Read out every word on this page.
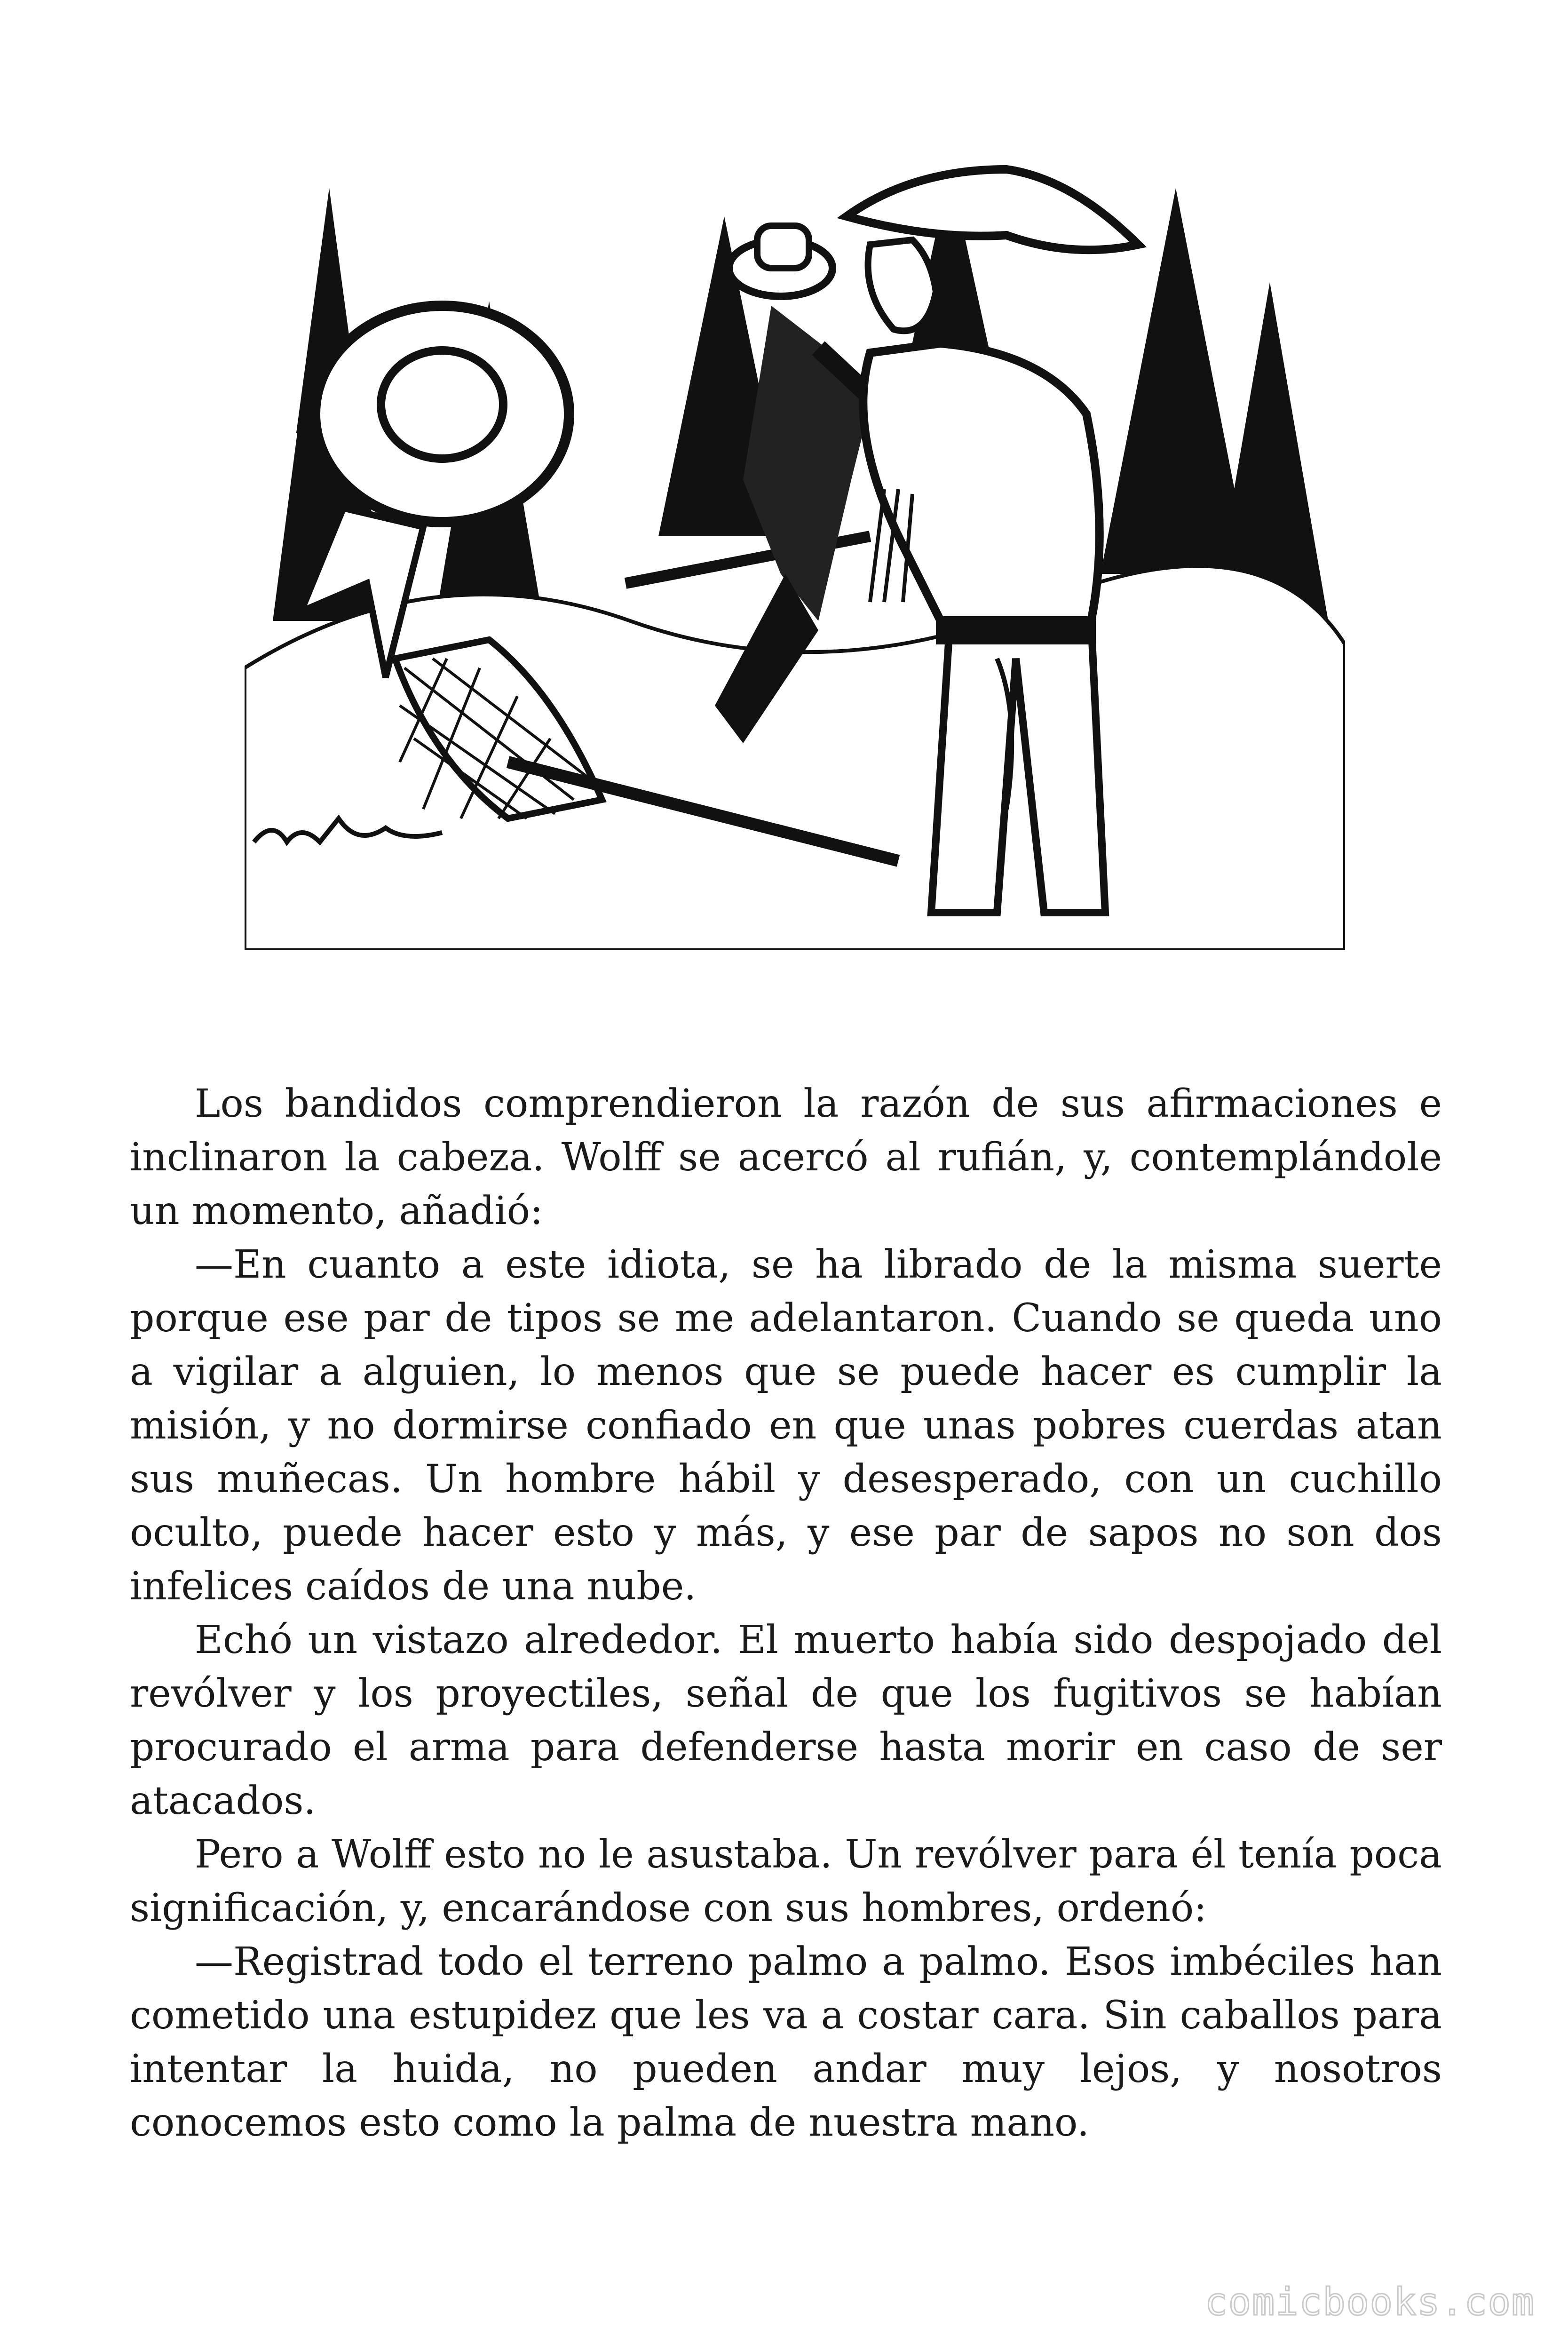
Los bandidos comprendieron la razón de sus afirmaciones e inclinaron la cabeza. Wolff se acercó al rufián, y, contemplándole un momento, añadió:

—En cuanto a este idiota, se ha librado de la misma suerte porque ese par de tipos se me adelantaron. Cuando se queda uno a vigilar a alguien, lo menos que se puede hacer es cumplir la misión, y no dormirse confiado en que unas pobres cuerdas atan sus muñecas. Un hombre hábil y desesperado, con un cuchillo oculto, puede hacer esto y más, y ese par de sapos no son dos infelices caídos de una nube.

Echó un vistazo alrededor. El muerto había sido despojado del revólver y los proyectiles, señal de que los fugitivos se habían procurado el arma para defenderse hasta morir en caso de ser atacados.

Pero a Wolff esto no le asustaba. Un revólver para él tenía poca significación, y, encarándose con sus hombres, ordenó:

—Registrad todo el terreno palmo a palmo. Esos imbéciles han cometido una estupidez que les va a costar cara. Sin caballos para intentar la huida, no pueden andar muy lejos, y nosotros conocemos esto como la palma de nuestra mano.

comicbooks.com
